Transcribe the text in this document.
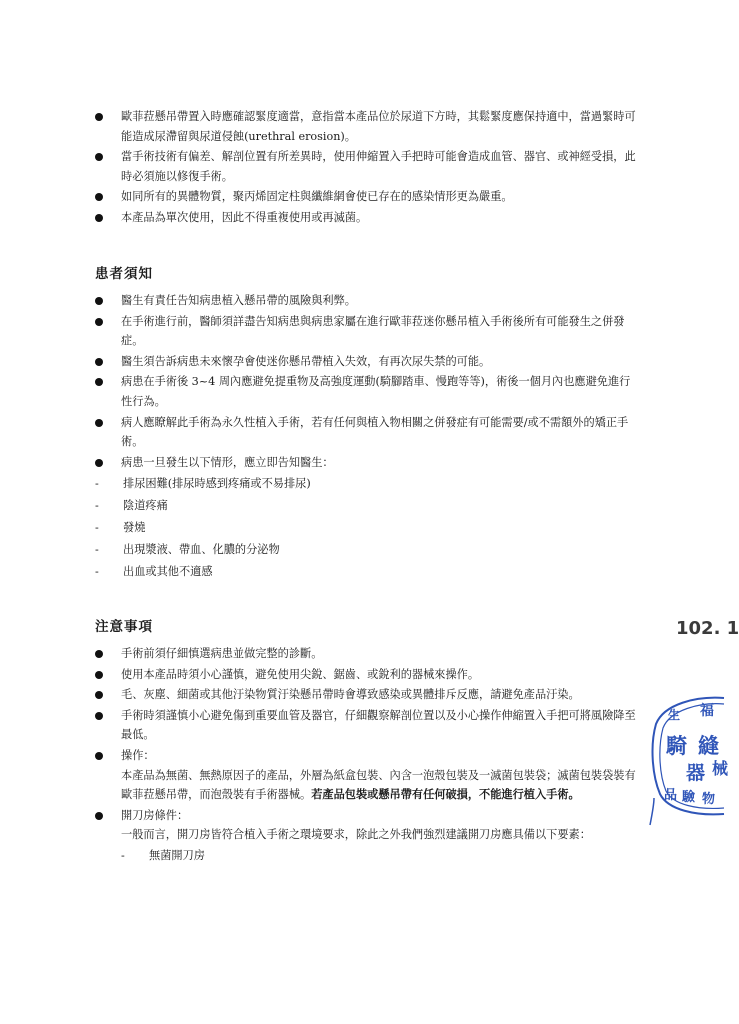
歐菲菈懸吊帶置入時應確認緊度適當，意指當本產品位於尿道下方時，其鬆緊度應保持適中，當過緊時可能造成尿滯留與尿道侵蝕(urethral erosion)。
當手術技術有偏差、解剖位置有所差異時，使用伸縮置入手把時可能會造成血管、器官、或神經受損，此時必須施以修復手術。
如同所有的異體物質，聚丙烯固定柱與纖維網會使已存在的感染情形更為嚴重。
本產品為單次使用，因此不得重複使用或再滅菌。
患者須知
醫生有責任告知病患植入懸吊帶的風險與利弊。
在手術進行前，醫師須詳盡告知病患與病患家屬在進行歐菲菈迷你懸吊植入手術後所有可能發生之併發症。
醫生須告訴病患未來懷孕會使迷你懸吊帶植入失效，有再次尿失禁的可能。
病患在手術後 3~4 周內應避免提重物及高強度運動(騎腳踏車、慢跑等等)，術後一個月內也應避免進行性行為。
病人應瞭解此手術為永久性植入手術，若有任何與植入物相關之併發症有可能需要/或不需額外的矯正手術。
病患一旦發生以下情形，應立即告知醫生：
- 排尿困難(排尿時感到疼痛或不易排尿)
- 陰道疼痛
- 發燒
- 出現漿液、帶血、化膿的分泌物
- 出血或其他不適感
注意事項
手術前須仔細慎選病患並做完整的診斷。
使用本產品時須小心謹慎，避免使用尖銳、鋸齒、或銳利的器械來操作。
毛、灰塵、細菌或其他汙染物質汙染懸吊帶時會導致感染或異體排斥反應，請避免產品汙染。
手術時須謹慎小心避免傷到重要血管及器官，仔細觀察解剖位置以及小心操作伸縮置入手把可將風險降至最低。
操作：
本產品為無菌、無熱原因子的產品，外層為紙盒包裝、內含一泡殼包裝及一滅菌包裝袋；滅菌包裝袋裝有歐菲菈懸吊帶，而泡殼裝有手術器械。若產品包裝或懸吊帶有任何破損，不能進行植入手術。
開刀房條件：
一般而言，開刀房皆符合植入手術之環境要求，除此之外我們強烈建議開刀房應具備以下要素：
- 無菌開刀房
102. 1
生 福
騎 縫
器 械
品 驗 物
